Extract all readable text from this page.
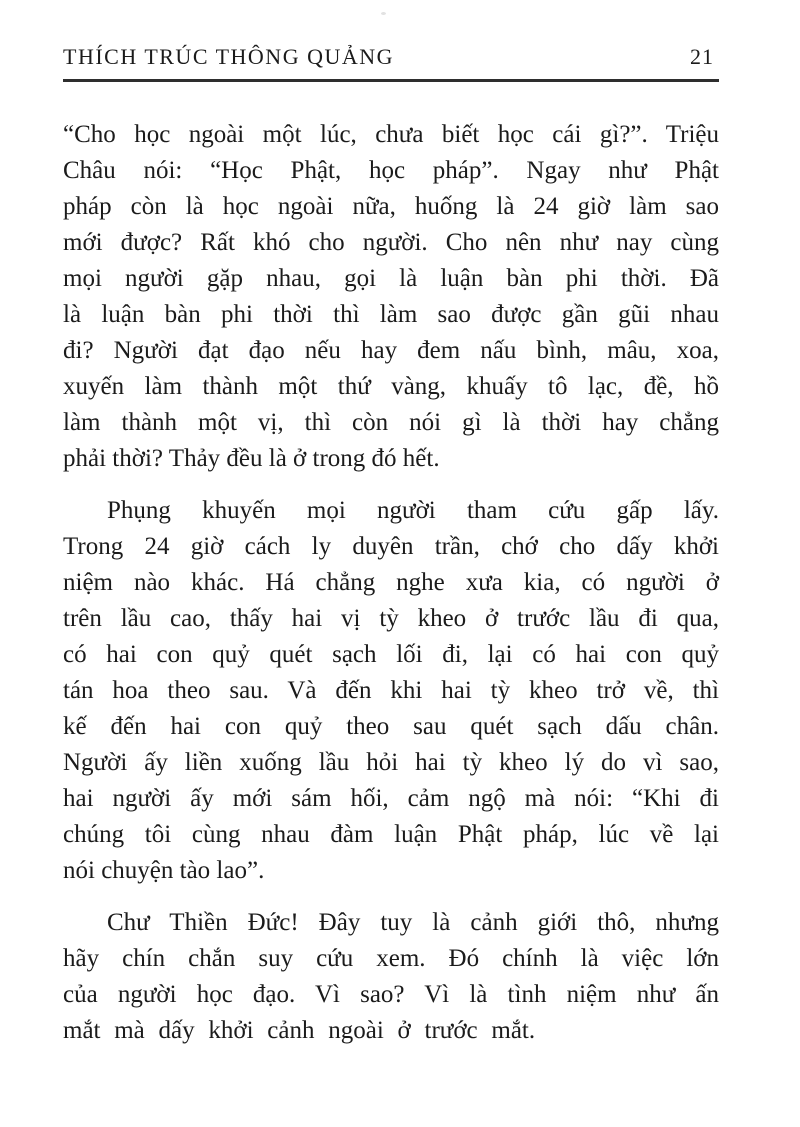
THÍCH TRÚC THÔNG QUẢNG	21
“Cho học ngoài một lúc, chưa biết học cái gì?”. Triệu
Châu nói: “Học Phật, học pháp”. Ngay như Phật
pháp còn là học ngoài nữa, huống là 24 giờ làm sao
mới được? Rất khó cho người. Cho nên như nay cùng
mọi người gặp nhau, gọi là luận bàn phi thời. Đã
là luận bàn phi thời thì làm sao được gần gũi nhau
đi? Người đạt đạo nếu hay đem nấu bình, mâu, xoa,
xuyến làm thành một thứ vàng, khuấy tô lạc, đề, hồ
làm thành một vị, thì còn nói gì là thời hay chẳng
phải thời? Thảy đều là ở trong đó hết.
Phụng khuyến mọi người tham cứu gấp lấy.
Trong 24 giờ cách ly duyên trần, chớ cho dấy khởi
niệm nào khác. Há chẳng nghe xưa kia, có người ở
trên lầu cao, thấy hai vị tỳ kheo ở trước lầu đi qua,
có hai con quỷ quét sạch lối đi, lại có hai con quỷ
tán hoa theo sau. Và đến khi hai tỳ kheo trở về, thì
kế đến hai con quỷ theo sau quét sạch dấu chân.
Người ấy liền xuống lầu hỏi hai tỳ kheo lý do vì sao,
hai người ấy mới sám hối, cảm ngộ mà nói: “Khi đi
chúng tôi cùng nhau đàm luận Phật pháp, lúc về lại
nói chuyện tào lao”.
Chư Thiền Đức! Đây tuy là cảnh giới thô, nhưng
hãy chín chắn suy cứu xem. Đó chính là việc lớn
của người học đạo. Vì sao? Vì là tình niệm như ấn
mắt mà dấy khởi cảnh ngoài ở trước mắt.
